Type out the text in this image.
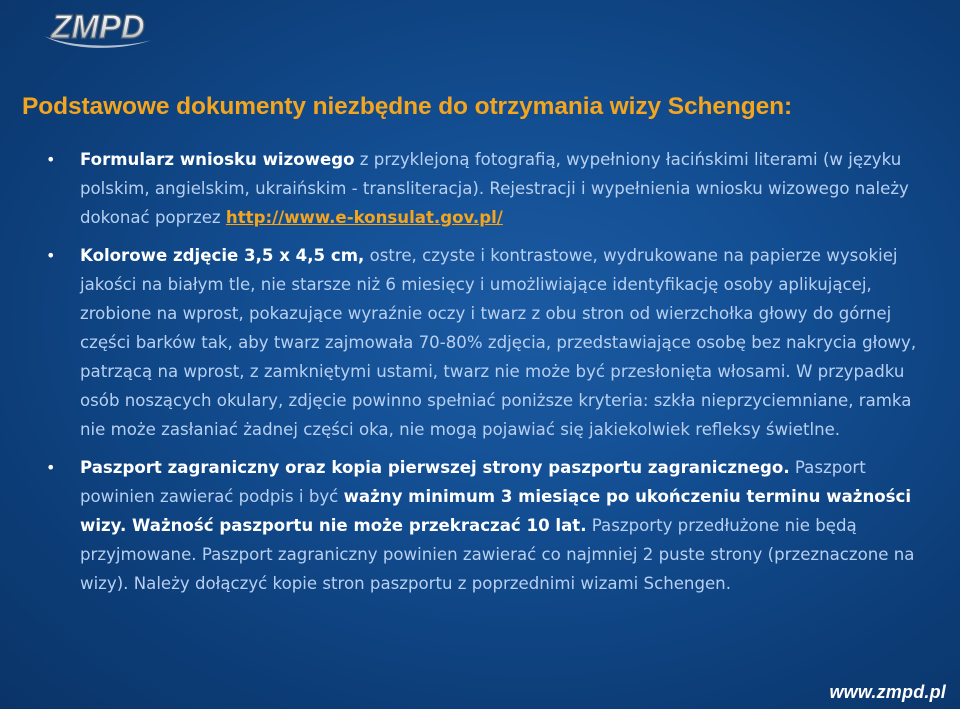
ZMPD
Podstawowe dokumenty niezbędne do otrzymania wizy Schengen:
• Formularz wniosku wizowego z przyklejoną fotografią, wypełniony łacińskimi literami (w języku polskim, angielskim, ukraińskim - transliteracja). Rejestracji i wypełnienia wniosku wizowego należy dokonać poprzez http://www.e-konsulat.gov.pl/
• Kolorowe zdjęcie 3,5 x 4,5 cm, ostre, czyste i kontrastowe, wydrukowane na papierze wysokiej jakości na białym tle, nie starsze niż 6 miesięcy i umożliwiające identyfikację osoby aplikującej, zrobione na wprost, pokazujące wyraźnie oczy i twarz z obu stron od wierzchołka głowy do górnej części barków tak, aby twarz zajmowała 70-80% zdjęcia, przedstawiające osobę bez nakrycia głowy, patrzącą na wprost, z zamkniętymi ustami, twarz nie może być przesłonięta włosami. W przypadku osób noszących okulary, zdjęcie powinno spełniać poniższe kryteria: szkła nieprzyciemniane, ramka nie może zasłaniać żadnej części oka, nie mogą pojawiać się jakiekolwiek refleksy świetlne.
• Paszport zagraniczny oraz kopia pierwszej strony paszportu zagranicznego. Paszport powinien zawierać podpis i być ważny minimum 3 miesiące po ukończeniu terminu ważności wizy. Ważność paszportu nie może przekraczać 10 lat. Paszporty przedłużone nie będą przyjmowane. Paszport zagraniczny powinien zawierać co najmniej 2 puste strony (przeznaczone na wizy). Należy dołączyć kopie stron paszportu z poprzednimi wizami Schengen.
www.zmpd.pl
